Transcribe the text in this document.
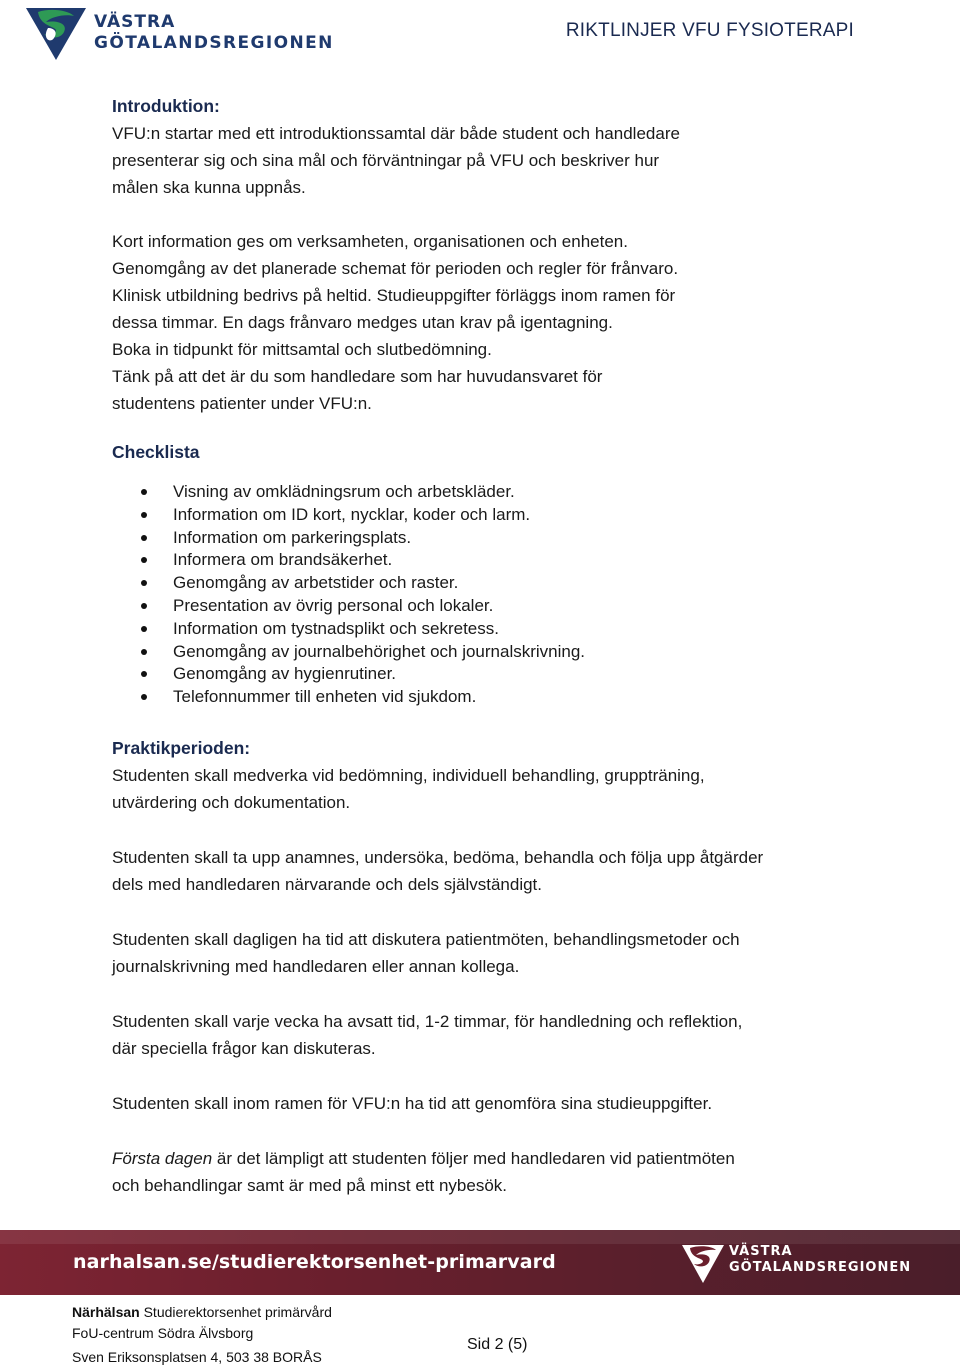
VÄSTRA
GÖTALANDSREGIONEN
RIKTLINJER VFU FYSIOTERAPI

Introduktion:

VFU:n startar med ett introduktionssamtal där både student och handledare

presenterar sig och sina mål och förväntningar på VFU och beskriver hur

målen ska kunna uppnås.

Kort information ges om verksamheten, organisationen och enheten.

Genomgång av det planerade schemat för perioden och regler för frånvaro.

Klinisk utbildning bedrivs på heltid. Studieuppgifter förläggs inom ramen för

dessa timmar. En dags frånvaro medges utan krav på igentagning.

Boka in tidpunkt för mittsamtal och slutbedömning.

Tänk på att det är du som handledare som har huvudansvaret för

studentens patienter under VFU:n.

Checklista

Visning av omklädningsrum och arbetskläder.
Information om ID kort, nycklar, koder och larm.
Information om parkeringsplats.
Informera om brandsäkerhet.
Genomgång av arbetstider och raster.
Presentation av övrig personal och lokaler.
Information om tystnadsplikt och sekretess.
Genomgång av journalbehörighet och journalskrivning.
Genomgång av hygienrutiner.
Telefonnummer till enheten vid sjukdom.

Praktikperioden:

Studenten skall medverka vid bedömning, individuell behandling, gruppträning,

utvärdering och dokumentation.

Studenten skall ta upp anamnes, undersöka, bedöma, behandla och följa upp åtgärder

dels med handledaren närvarande och dels självständigt.

Studenten skall dagligen ha tid att diskutera patientmöten, behandlingsmetoder och

journalskrivning med handledaren eller annan kollega.

Studenten skall varje vecka ha avsatt tid, 1-2 timmar, för handledning och reflektion,

där speciella frågor kan diskuteras.

Studenten skall inom ramen för VFU:n ha tid att genomföra sina studieuppgifter.

Första dagen är det lämpligt att studenten följer med handledaren vid patientmöten

och behandlingar samt är med på minst ett nybesök.

narhalsan.se/studierektorsenhet-primarvard	VÄSTRA
GÖTALANDSREGIONEN
Närhälsan Studierektorsenhet primärvård
FoU-centrum Södra Älvsborg
Sven Eriksonsplatsen 4, 503 38 BORÅS
Sid 2 (5)
